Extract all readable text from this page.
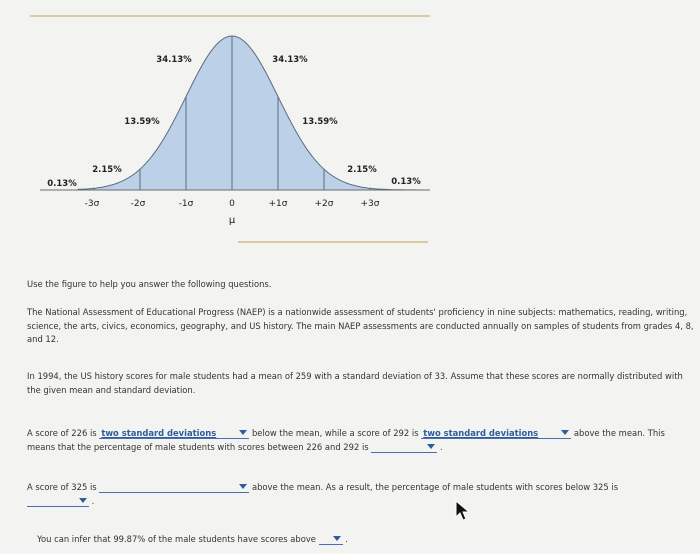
0.13%
2.15%
13.59%
34.13%	34.13%
13.59%
2.15%
0.13%
-3σ	-2σ	-1σ	0	+1σ	+2σ	+3σ
μ

Use the figure to help you answer the following questions.

The National Assessment of Educational Progress (NAEP) is a nationwide assessment of students' proficiency in nine subjects: mathematics, reading, writing, science, the arts, civics, economics, geography, and US history. The main NAEP assessments are conducted annually on samples of students from grades 4, 8, and 12.

In 1994, the US history scores for male students had a mean of 259 with a standard deviation of 33. Assume that these scores are normally distributed with the given mean and standard deviation.

A score of 226 is two standard deviations	below the mean, while a score of 292 is two standard deviations	above the mean. This means that the percentage of male students with scores between 226 and 292 is	.

A score of 325 is	above the mean. As a result, the percentage of male students with scores below 325 is
.

You can infer that 99.87% of the male students have scores above	.
